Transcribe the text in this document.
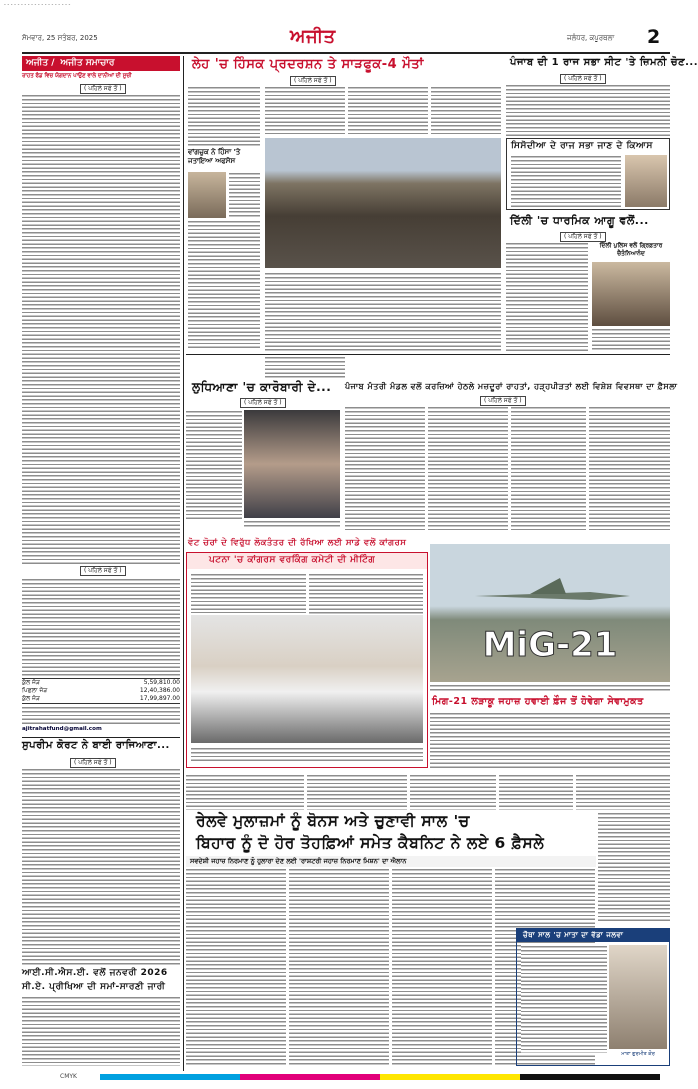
- - - - - - - - - - - - - - - - - - - -
ਸੋਮਵਾਰ, 25 ਸਤੰਬਰ, 2025	ਅਜੀਤ	ਜਲੰਧਰ, ਕਪੂਰਥਲਾ 2
ਅਜੀਤ / ਅਜੀਤ ਸਮਾਚਾਰ
ਰਾਹਤ ਫੰਡ ਵਿਚ ਯੋਗਦਾਨ ਪਾਉਣ ਵਾਲੇ ਦਾਨੀਆਂ ਦੀ ਸੂਚੀ
( ਪਹਿਲੇ ਸਫੇ ਤੋਂ )
( ਪਹਿਲੇ ਸਫੇ ਤੋਂ )
ਕੁੱਲ ਜੋੜ	5,59,810.00
ਪਿਛਲਾ ਜੋੜ	12,40,386.00
ਕੁੱਲ ਜੋੜ	17,99,897.00
ajitrahatfund@gmail.com
ਲੇਹ 'ਚ ਹਿੰਸਕ ਪ੍ਰਦਰਸ਼ਨ ਤੇ ਸਾੜਫੂਕ-4 ਮੌਤਾਂ
( ਪਹਿਲੇ ਸਫੇ ਤੋਂ )
ਵਾਂਗਚੁਕ ਨੇ ਹਿੰਸਾ 'ਤੇ ਜਤਾਇਆ ਅਫਸੋਸ
ਪੰਜਾਬ ਦੀ 1 ਰਾਜ ਸਭਾ ਸੀਟ 'ਤੇ ਜ਼ਿਮਨੀ ਚੋਣ...
( ਪਹਿਲੇ ਸਫੇ ਤੋਂ )
ਸਿਸੋਦੀਆ ਦੇ ਰਾਜ ਸਭਾ ਜਾਣ ਦੇ ਕਿਆਸ
ਦਿੱਲੀ 'ਚ ਧਾਰਮਿਕ ਆਗੂ ਵਲੋਂ...
( ਪਹਿਲੇ ਸਫੇ ਤੋਂ )
ਦਿੱਲੀ ਪੁਲਿਸ ਵਲੋਂ ਗ੍ਰਿਫ਼ਤਾਰ ਚੈਤੰਨਿਆਨੰਦ
ਲੁਧਿਆਣਾ 'ਚ ਕਾਰੋਬਾਰੀ ਦੇ...
( ਪਹਿਲੇ ਸਫੇ ਤੋਂ )
ਪੰਜਾਬ ਮੰਤਰੀ ਮੰਡਲ ਵਲੋਂ ਕਰਜ਼ਿਆਂ ਹੇਠਲੇ ਮਜ਼ਦੂਰਾਂ ਰਾਹਤਾਂ, ਹੜ੍ਹਪੀੜਤਾਂ ਲਈ ਵਿਸ਼ੇਸ਼ ਵਿਵਸਥਾ ਦਾ ਫ਼ੈਸਲਾ
( ਪਹਿਲੇ ਸਫੇ ਤੋਂ )
ਵੋਟ ਚੋਰਾਂ ਦੇ ਵਿਰੁੱਧ ਲੋਕਤੰਤਰ ਦੀ ਰੱਖਿਆ ਲਈ ਸਾਡੇ ਵਲੋਂ ਕਾਂਗਰਸ
ਪਟਨਾ 'ਚ ਕਾਂਗਰਸ ਵਰਕਿੰਗ ਕਮੇਟੀ ਦੀ ਮੀਟਿੰਗ
MiG-21
ਮਿਗ-21 ਲੜਾਕੂ ਜਹਾਜ਼ ਹਵਾਈ ਫ਼ੌਜ ਤੋਂ ਹੋਵੇਗਾ ਸੇਵਾਮੁਕਤ
ਸੁਪਰੀਮ ਕੋਰਟ ਨੇ ਬਾਈ ਰਾਜਿਆਣਾ...
( ਪਹਿਲੇ ਸਫੇ ਤੋਂ )
ਆਈ.ਸੀ.ਐਸ.ਈ. ਵਲੋਂ ਜਨਵਰੀ 2026
ਸੀ.ਏ. ਪ੍ਰੀਖਿਆ ਦੀ ਸਮਾਂ-ਸਾਰਣੀ ਜਾਰੀ
ਰੇਲਵੇ ਮੁਲਾਜ਼ਮਾਂ ਨੂੰ ਬੋਨਸ ਅਤੇ ਚੁਣਾਵੀ ਸਾਲ 'ਚ
ਬਿਹਾਰ ਨੂੰ ਦੋ ਹੋਰ ਤੋਹਫ਼ਿਆਂ ਸਮੇਤ ਕੈਬਨਿਟ ਨੇ ਲਏ 6 ਫ਼ੈਸਲੇ
ਸਵਦੇਸ਼ੀ ਜਹਾਜ਼ ਨਿਰਮਾਣ ਨੂੰ ਹੁਲਾਰਾ ਦੇਣ ਲਈ 'ਰਾਸ਼ਟਰੀ ਜਹਾਜ਼ ਨਿਰਮਾਣ ਮਿਸ਼ਨ' ਦਾ ਐਲਾਨ
ਚੌਥਾ ਸਾਲ 'ਚ ਮਾਤਾ ਦਾ ਵੱਡਾ ਜਲਵਾ
ਮਾਤਾ ਗੁਰਮੀਤ ਕੌਰ
CMYK
